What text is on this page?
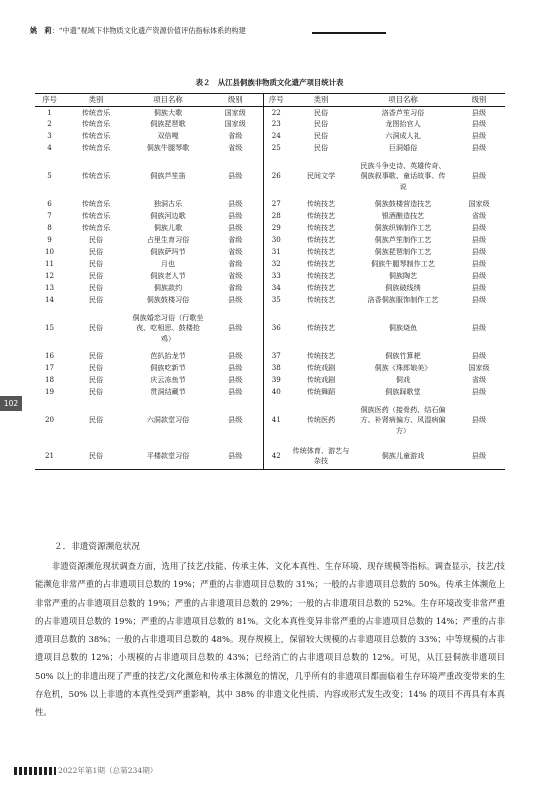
姚　莉：“中遗”视域下非物质文化遗产资源价值评估指标体系的构建
表２　从江县侗族非物质文化遗产项目统计表
序号	类别	项目名称	级别	序号	类别	项目名称	级别
1	传统音乐	侗族大歌	国家级	22	民俗	洛香芦笙习俗	县级
2	传统音乐	侗族琵琶歌	国家级	23	民俗	龙图抬官人	县级
3	传统音乐	双倍嘎	省级	24	民俗	六洞成人礼	县级
4	传统音乐	侗族牛腿琴歌	省级	25	民俗	巨洞婚俗	县级
5	传统音乐	侗族芦笙笛	县级	26	民间文学	民族斗争史诗、英雄传奇、侗族叙事歌、童话故事、传说	县级
6	传统音乐	独洞古乐	县级	27	传统技艺	侗族鼓楼营造技艺	国家级
7	传统音乐	侗族河边歌	县级	28	传统技艺	银酒酿造技艺	省级
8	传统音乐	侗族儿歌	县级	29	传统技艺	侗族织锦制作工艺	县级
9	民俗	占里生育习俗	省级	30	传统技艺	侗族芦笙制作工艺	县级
10	民俗	侗族萨玛节	省级	31	传统技艺	侗族琵琶制作工艺	县级
11	民俗	月也	省级	32	传统技艺	侗族牛腿琴制作工艺	县级
12	民俗	侗族老人节	省级	33	传统技艺	侗族陶艺	县级
13	民俗	侗族款约	省级	34	传统技艺	侗族破线绣	县级
14	民俗	侗族鼓楼习俗	县级	35	传统技艺	洛香侗族服饰制作工艺	县级
15	民俗	侗族婚恋习俗（行歌坐夜、吃相思、鼓楼抢鸡）	县级	36	传统技艺	侗族烧鱼	县级
16	民俗	芭扒抬龙节	县级	37	传统技艺	侗族竹算耙	县级
17	民俗	侗族吃新节	县级	38	传统戏剧	侗族《珠郎娘美》	国家级
18	民俗	庆云冻鱼节	县级	39	传统戏剧	侗戏	省级
19	民俗	贯洞结藏节	县级	40	传统舞蹈	侗族踩歌堂	县级
20	民俗	六洞款堂习俗	县级	41	传统医药	侗族医药（接骨药、结石偏方、补肾病偏方、风湿病偏方）	县级
21	民俗	平楼款堂习俗	县级	42	传统体育、游艺与杂技	侗族儿童游戏	县级
102
２．非遗资源濒危状况
非遗资源濒危现状调查方面，选用了技艺/技能、传承主体、文化本真性、生存环境、现存规模等指标。调查显示，技艺/技能濒危非常严重的占非遗项目总数的 19%；严重的占非遗项目总数的 31%；一般的占非遗项目总数的 50%。传承主体濒危上非常严重的占非遗项目总数的 19%；严重的占非遗项目总数的 29%；一般的占非遗项目总数的 52%。生存环境改变非常严重的占非遗项目总数的 19%；严重的占非遗项目总数的 81%。文化本真性变异非常严重的占非遗项目总数的 14%；严重的占非遗项目总数的 38%；一般的占非遗项目总数的 48%。现存规模上，保留较大规模的占非遗项目总数的 33%；中等规模的占非遗项目总数的 12%；小规模的占非遗项目总数的 43%；已经消亡的占非遗项目总数的 12%。可见，从江县侗族非遗项目 50% 以上的非遗出现了严重的技艺/文化濒危和传承主体濒危的情况，几乎所有的非遗项目都面临着生存环境严重改变带来的生存危机，50% 以上非遗的本真性受到严重影响，其中 38% 的非遗文化性质、内容或形式发生改变；14% 的项目不再具有本真性。
2022年第1期（总第234期）
